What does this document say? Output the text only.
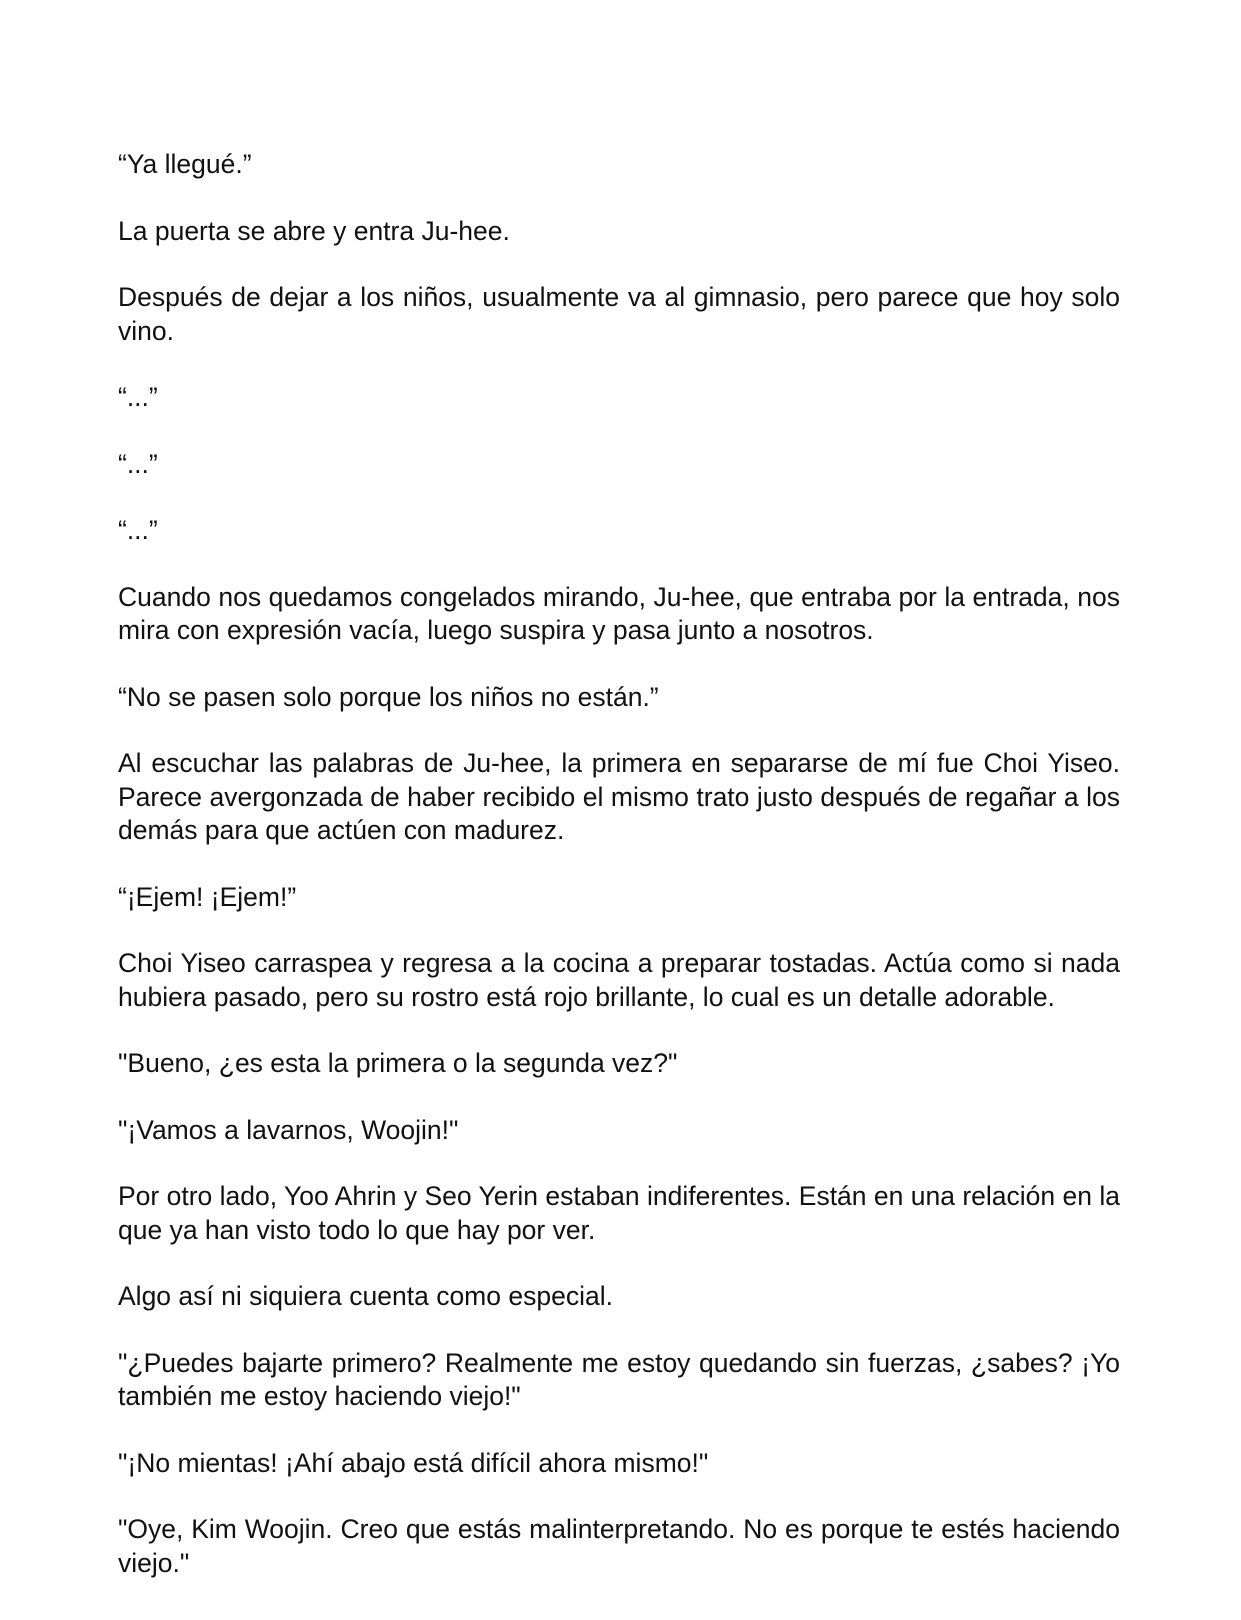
“Ya llegué.”

La puerta se abre y entra Ju-hee.

Después de dejar a los niños, usualmente va al gimnasio, pero parece que hoy solo vino.

“...”

“...”

“...”

Cuando nos quedamos congelados mirando, Ju-hee, que entraba por la entrada, nos mira con expresión vacía, luego suspira y pasa junto a nosotros.

“No se pasen solo porque los niños no están.”

Al escuchar las palabras de Ju-hee, la primera en separarse de mí fue Choi Yiseo. Parece avergonzada de haber recibido el mismo trato justo después de regañar a los demás para que actúen con madurez.

“¡Ejem! ¡Ejem!”

Choi Yiseo carraspea y regresa a la cocina a preparar tostadas. Actúa como si nada hubiera pasado, pero su rostro está rojo brillante, lo cual es un detalle adorable.

"Bueno, ¿es esta la primera o la segunda vez?"

"¡Vamos a lavarnos, Woojin!"

Por otro lado, Yoo Ahrin y Seo Yerin estaban indiferentes. Están en una relación en la que ya han visto todo lo que hay por ver.

Algo así ni siquiera cuenta como especial.

"¿Puedes bajarte primero? Realmente me estoy quedando sin fuerzas, ¿sabes? ¡Yo también me estoy haciendo viejo!"

"¡No mientas! ¡Ahí abajo está difícil ahora mismo!"

"Oye, Kim Woojin. Creo que estás malinterpretando. No es porque te estés haciendo viejo."
